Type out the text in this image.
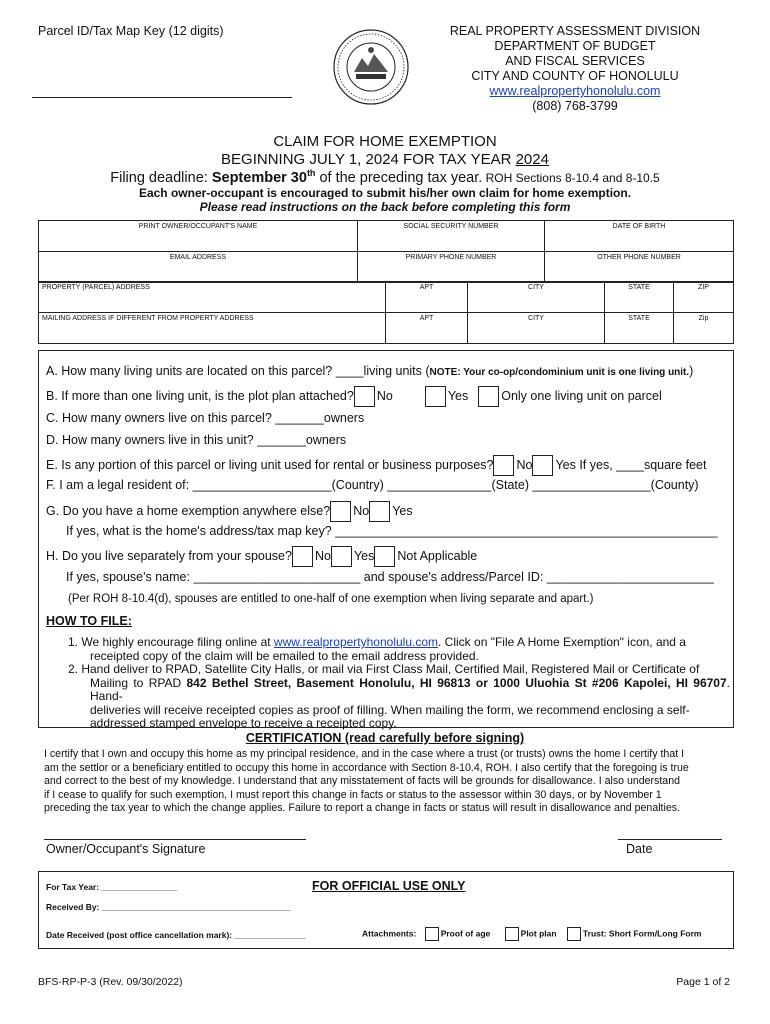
Parcel ID/Tax Map Key (12 digits)	REAL PROPERTY ASSESSMENT DIVISION
DEPARTMENT OF BUDGET
AND FISCAL SERVICES
CITY AND COUNTY OF HONOLULU
www.realpropertyhonolulu.com
(808) 768-3799
CLAIM FOR HOME EXEMPTION
BEGINNING JULY 1, 2024 FOR TAX YEAR 2024
Filing deadline: September 30th of the preceding tax year. ROH Sections 8-10.4 and 8-10.5
Each owner-occupant is encouraged to submit his/her own claim for home exemption.
Please read instructions on the back before completing this form
PRINT OWNER/OCCUPANT'S NAME	SOCIAL SECURITY NUMBER	DATE OF BIRTH
EMAIL ADDRESS	PRIMARY PHONE NUMBER	OTHER PHONE NUMBER
PROPERTY (PARCEL) ADDRESS	APT	CITY	STATE	ZIP
MAILING ADDRESS IF DIFFERENT FROM PROPERTY ADDRESS	APT	CITY	STATE	Zip
A. How many living units are located on this parcel? ____living units (NOTE: Your co-op/condominium unit is one living unit.)
B. If more than one living unit, is the plot plan attached? No	Yes	Only one living unit on parcel
C. How many owners live on this parcel? _______owners
D. How many owners live in this unit? _______owners
E. Is any portion of this parcel or living unit used for rental or business purposes? No Yes If yes, ____square feet
F. I am a legal resident of: ____________________(Country) _______________(State) _________________(County)
G. Do you have a home exemption anywhere else? No Yes
If yes, what is the home's address/tax map key? _______________________________________________________
H. Do you live separately from your spouse? No Yes Not Applicable
If yes, spouse's name: ________________________ and spouse's address/Parcel ID: ________________________
(Per ROH 8-10.4(d), spouses are entitled to one-half of one exemption when living separate and apart.)
HOW TO FILE:
1. We highly encourage filing online at www.realpropertyhonolulu.com. Click on "File A Home Exemption" icon, and a
receipted copy of the claim will be emailed to the email address provided.
2. Hand deliver to RPAD, Satellite City Halls, or mail via First Class Mail, Certified Mail, Registered Mail or Certificate of
Mailing to RPAD 842 Bethel Street, Basement Honolulu, HI 96813 or 1000 Uluohia St #206 Kapolei, HI 96707. Hand-
deliveries will receive receipted copies as proof of filling. When mailing the form, we recommend enclosing a self-
addressed stamped envelope to receive a receipted copy.
CERTIFICATION (read carefully before signing)
I certify that I own and occupy this home as my principal residence, and in the case where a trust (or trusts) owns the home I certify that I
am the settlor or a beneficiary entitled to occupy this home in accordance with Section 8-10.4, ROH. I also certify that the foregoing is true
and correct to the best of my knowledge. I understand that any misstatement of facts will be grounds for disallowance. I also understand
if I cease to qualify for such exemption, I must report this change in facts or status to the assessor within 30 days, or by November 1
preceding the tax year to which the change applies. Failure to report a change in facts or status will result in disallowance and penalties.
Owner/Occupant's Signature	Date
For Tax Year: ________________	FOR OFFICIAL USE ONLY
Received By: ________________________________________
Date Received (post office cancellation mark): _______________	Attachments:	Proof of age	Plot plan	Trust: Short Form/Long Form
BFS-RP-P-3 (Rev. 09/30/2022)	Page 1 of 2
